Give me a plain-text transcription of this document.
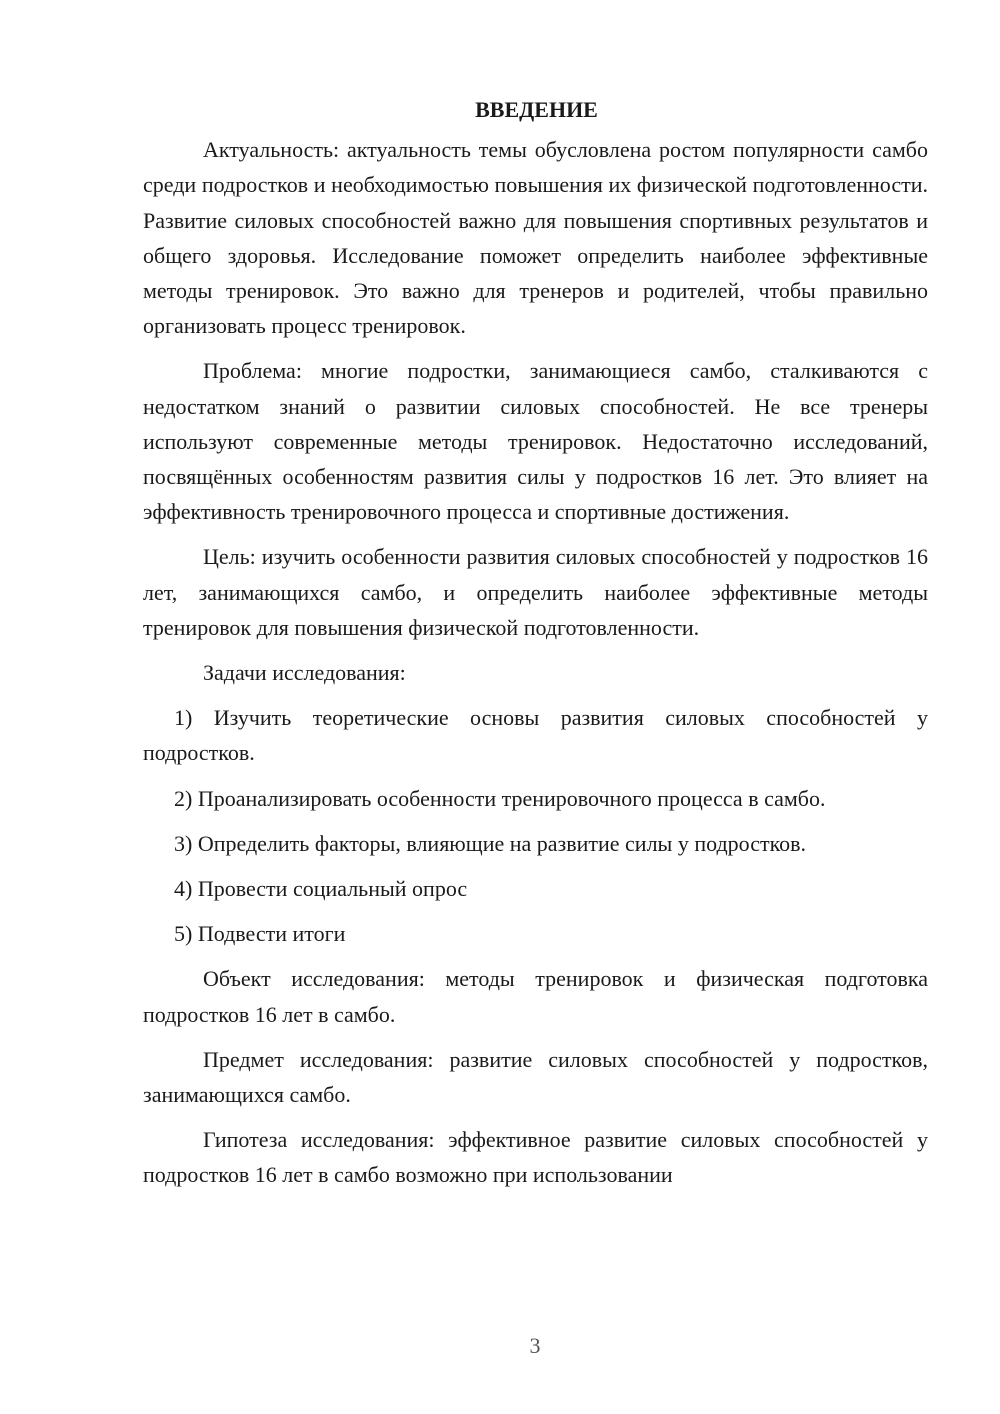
ВВЕДЕНИЕ

Актуальность: актуальность темы обусловлена ростом популярности самбо среди подростков и необходимостью повышения их физической подготовленности. Развитие силовых способностей важно для повышения спортивных результатов и общего здоровья. Исследование поможет определить наиболее эффективные методы тренировок. Это важно для тренеров и родителей, чтобы правильно организовать процесс тренировок.

Проблема: многие подростки, занимающиеся самбо, сталкиваются с недостатком знаний о развитии силовых способностей. Не все тренеры используют современные методы тренировок. Недостаточно исследований, посвящённых особенностям развития силы у подростков 16 лет. Это влияет на эффективность тренировочного процесса и спортивные достижения.

Цель: изучить особенности развития силовых способностей у подростков 16 лет, занимающихся самбо, и определить наиболее эффективные методы тренировок для повышения физической подготовленности.

Задачи исследования:

1) Изучить теоретические основы развития силовых способностей у подростков.

2) Проанализировать особенности тренировочного процесса в самбо.

3) Определить факторы, влияющие на развитие силы у подростков.

4) Провести социальный опрос

5) Подвести итоги

Объект исследования: методы тренировок и физическая подготовка подростков 16 лет в самбо.

Предмет исследования: развитие силовых способностей у подростков, занимающихся самбо.

Гипотеза исследования: эффективное развитие силовых способностей у подростков 16 лет в самбо возможно при использовании

3
